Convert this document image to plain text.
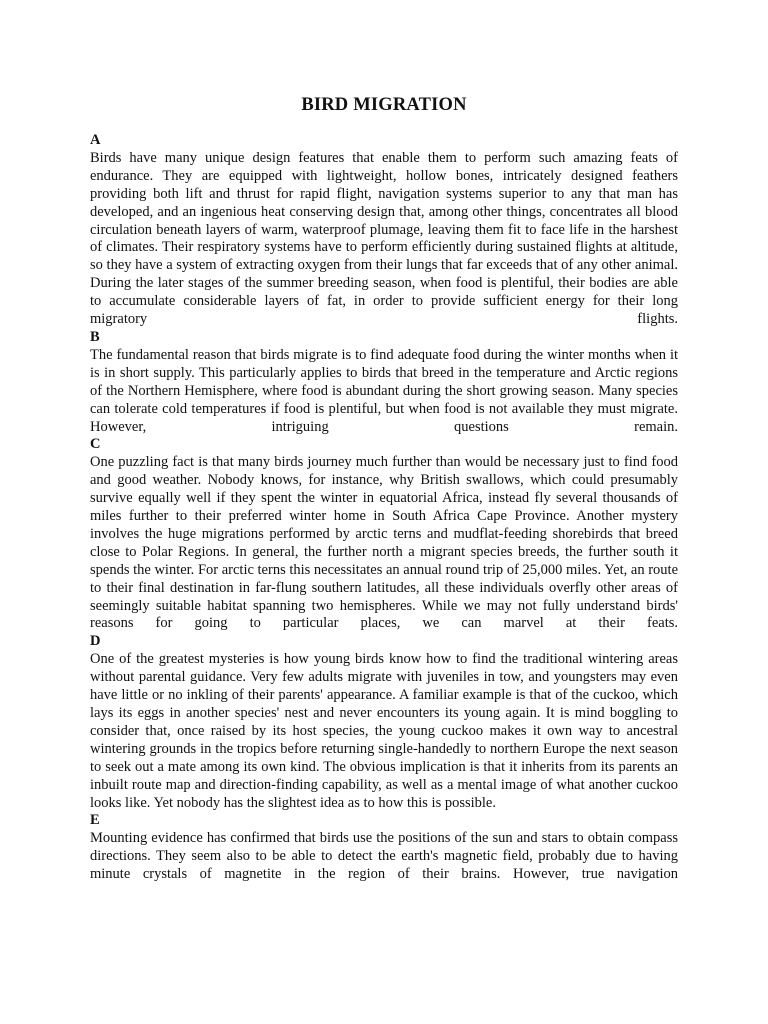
BIRD MIGRATION
A
Birds have many unique design features that enable them to perform such amazing feats of endurance. They are equipped with lightweight, hollow bones, intricately designed feathers providing both lift and thrust for rapid flight, navigation systems superior to any that man has developed, and an ingenious heat conserving design that, among other things, concentrates all blood circulation beneath layers of warm, waterproof plumage, leaving them fit to face life in the harshest of climates. Their respiratory systems have to perform efficiently during sustained flights at altitude, so they have a system of extracting oxygen from their lungs that far exceeds that of any other animal. During the later stages of the summer breeding season, when food is plentiful, their bodies are able to accumulate considerable layers of fat, in order to provide sufficient energy for their long migratory flights.
B
The fundamental reason that birds migrate is to find adequate food during the winter months when it is in short supply. This particularly applies to birds that breed in the temperature and Arctic regions of the Northern Hemisphere, where food is abundant during the short growing season. Many species can tolerate cold temperatures if food is plentiful, but when food is not available they must migrate. However, intriguing questions remain.
C
One puzzling fact is that many birds journey much further than would be necessary just to find food and good weather. Nobody knows, for instance, why British swallows, which could presumably survive equally well if they spent the winter in equatorial Africa, instead fly several thousands of miles further to their preferred winter home in South Africa Cape Province. Another mystery involves the huge migrations performed by arctic terns and mudflat-feeding shorebirds that breed close to Polar Regions. In general, the further north a migrant species breeds, the further south it spends the winter. For arctic terns this necessitates an annual round trip of 25,000 miles. Yet, an route to their final destination in far-flung southern latitudes, all these individuals overfly other areas of seemingly suitable habitat spanning two hemispheres. While we may not fully understand birds' reasons for going to particular places, we can marvel at their feats.
D
One of the greatest mysteries is how young birds know how to find the traditional wintering areas without parental guidance. Very few adults migrate with juveniles in tow, and youngsters may even have little or no inkling of their parents' appearance. A familiar example is that of the cuckoo, which lays its eggs in another species' nest and never encounters its young again. It is mind boggling to consider that, once raised by its host species, the young cuckoo makes it own way to ancestral wintering grounds in the tropics before returning single-handedly to northern Europe the next season to seek out a mate among its own kind. The obvious implication is that it inherits from its parents an inbuilt route map and direction-finding capability, as well as a mental image of what another cuckoo looks like. Yet nobody has the slightest idea as to how this is possible.
E
Mounting evidence has confirmed that birds use the positions of the sun and stars to obtain compass directions. They seem also to be able to detect the earth's magnetic field, probably due to having minute crystals of magnetite in the region of their brains. However, true navigation
